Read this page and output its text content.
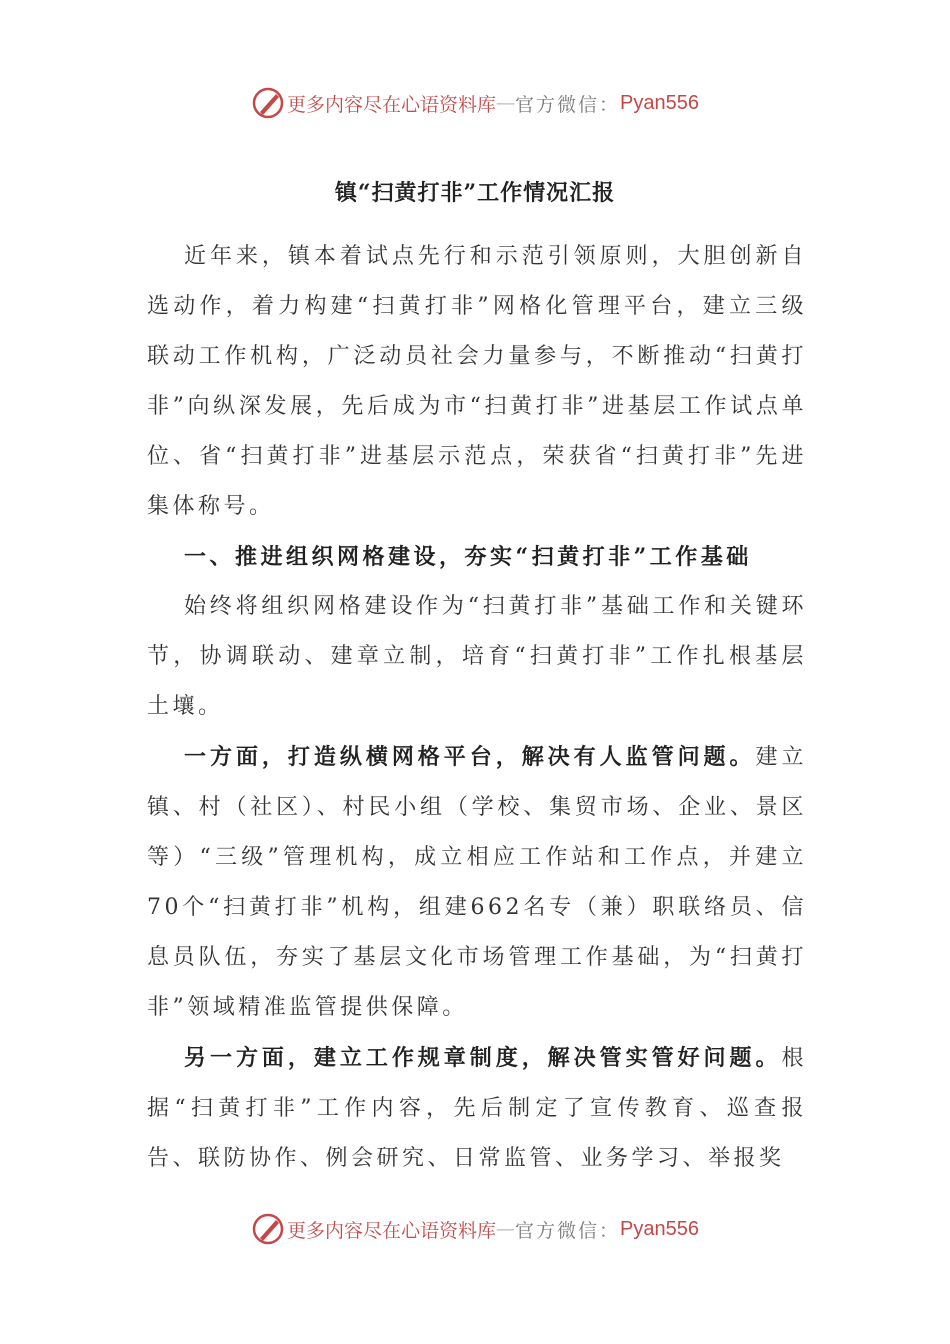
更多内容尽在心语资料库 — 官方微信： Pyan556
镇“扫黄打非”工作情况汇报

近年来，镇本着试点先行和示范引领原则，大胆创新自选动作，着力构建“扫黄打非”网格化管理平台，建立三级联动工作机构，广泛动员社会力量参与，不断推动“扫黄打非”向纵深发展，先后成为市“扫黄打非”进基层工作试点单位、省“扫黄打非”进基层示范点，荣获省“扫黄打非”先进集体称号。

一、推进组织网格建设，夯实“扫黄打非”工作基础

始终将组织网格建设作为“扫黄打非”基础工作和关键环节，协调联动、建章立制，培育“扫黄打非”工作扎根基层土壤。

一方面，打造纵横网格平台，解决有人监管问题。建立镇、村（社区）、村民小组（学校、集贸市场、企业、景区等）“三级”管理机构，成立相应工作站和工作点，并建立70个“扫黄打非”机构，组建662名专（兼）职联络员、信息员队伍，夯实了基层文化市场管理工作基础，为“扫黄打非”领域精准监管提供保障。

另一方面，建立工作规章制度，解决管实管好问题。根据“扫黄打非”工作内容，先后制定了宣传教育、巡查报告、联防协作、例会研究、日常监管、业务学习、举报奖

更多内容尽在心语资料库 — 官方微信： Pyan556
